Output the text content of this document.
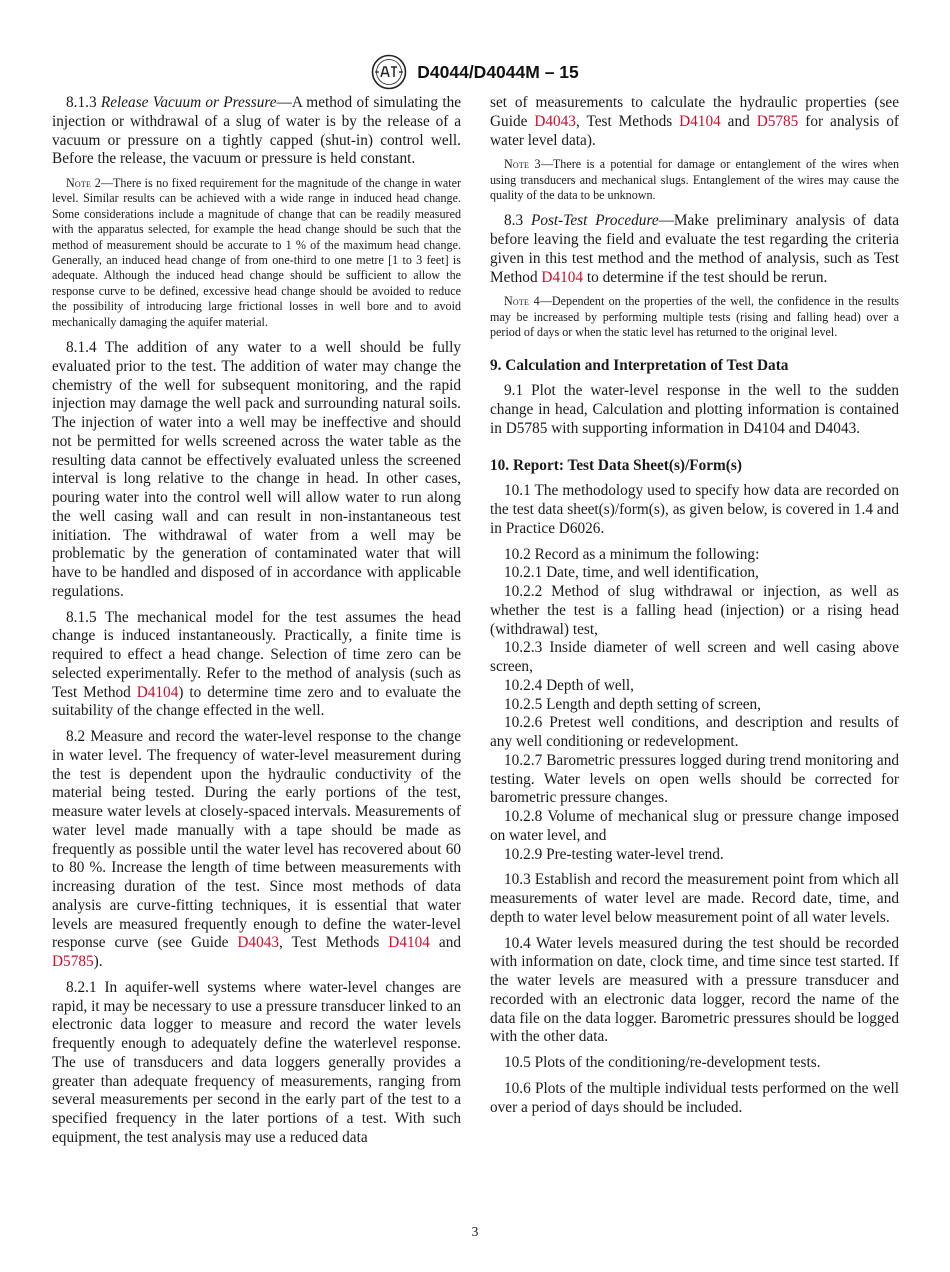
D4044/D4044M – 15

8.1.3 Release Vacuum or Pressure—A method of simulating the injection or withdrawal of a slug of water is by the release of a vacuum or pressure on a tightly capped (shut-in) control well. Before the release, the vacuum or pressure is held constant.

Note 2—There is no fixed requirement for the magnitude of the change in water level. Similar results can be achieved with a wide range in induced head change. Some considerations include a magnitude of change that can be readily measured with the apparatus selected, for example the head change should be such that the method of measurement should be accurate to 1 % of the maximum head change. Generally, an induced head change of from one-third to one metre [1 to 3 feet] is adequate. Although the induced head change should be sufficient to allow the response curve to be defined, excessive head change should be avoided to reduce the possibility of introducing large frictional losses in well bore and to avoid mechanically damaging the aquifer material.

8.1.4 The addition of any water to a well should be fully evaluated prior to the test. The addition of water may change the chemistry of the well for subsequent monitoring, and the rapid injection may damage the well pack and surrounding natural soils. The injection of water into a well may be ineffective and should not be permitted for wells screened across the water table as the resulting data cannot be effectively evaluated unless the screened interval is long relative to the change in head. In other cases, pouring water into the control well will allow water to run along the well casing wall and can result in non-instantaneous test initiation. The withdrawal of water from a well may be problematic by the generation of contaminated water that will have to be handled and disposed of in accordance with applicable regulations.

8.1.5 The mechanical model for the test assumes the head change is induced instantaneously. Practically, a finite time is required to effect a head change. Selection of time zero can be selected experimentally. Refer to the method of analysis (such as Test Method D4104) to determine time zero and to evaluate the suitability of the change effected in the well.

8.2 Measure and record the water-level response to the change in water level. The frequency of water-level measurement during the test is dependent upon the hydraulic conductivity of the material being tested. During the early portions of the test, measure water levels at closely-spaced intervals. Measurements of water level made manually with a tape should be made as frequently as possible until the water level has recovered about 60 to 80 %. Increase the length of time between measurements with increasing duration of the test. Since most methods of data analysis are curve-fitting techniques, it is essential that water levels are measured frequently enough to define the water-level response curve (see Guide D4043, Test Methods D4104 and D5785).

8.2.1 In aquifer-well systems where water-level changes are rapid, it may be necessary to use a pressure transducer linked to an electronic data logger to measure and record the water levels frequently enough to adequately define the waterlevel response. The use of transducers and data loggers generally provides a greater than adequate frequency of measurements, ranging from several measurements per second in the early part of the test to a specified frequency in the later portions of a test. With such equipment, the test analysis may use a reduced data

set of measurements to calculate the hydraulic properties (see Guide D4043, Test Methods D4104 and D5785 for analysis of water level data).

Note 3—There is a potential for damage or entanglement of the wires when using transducers and mechanical slugs. Entanglement of the wires may cause the quality of the data to be unknown.

8.3 Post-Test Procedure—Make preliminary analysis of data before leaving the field and evaluate the test regarding the criteria given in this test method and the method of analysis, such as Test Method D4104 to determine if the test should be rerun.

Note 4—Dependent on the properties of the well, the confidence in the results may be increased by performing multiple tests (rising and falling head) over a period of days or when the static level has returned to the original level.

9. Calculation and Interpretation of Test Data

9.1 Plot the water-level response in the well to the sudden change in head, Calculation and plotting information is contained in D5785 with supporting information in D4104 and D4043.

10. Report: Test Data Sheet(s)/Form(s)

10.1 The methodology used to specify how data are recorded on the test data sheet(s)/form(s), as given below, is covered in 1.4 and in Practice D6026.

10.2 Record as a minimum the following:

10.2.1 Date, time, and well identification,

10.2.2 Method of slug withdrawal or injection, as well as whether the test is a falling head (injection) or a rising head (withdrawal) test,

10.2.3 Inside diameter of well screen and well casing above screen,

10.2.4 Depth of well,

10.2.5 Length and depth setting of screen,

10.2.6 Pretest well conditions, and description and results of any well conditioning or redevelopment.

10.2.7 Barometric pressures logged during trend monitoring and testing. Water levels on open wells should be corrected for barometric pressure changes.

10.2.8 Volume of mechanical slug or pressure change imposed on water level, and

10.2.9 Pre-testing water-level trend.

10.3 Establish and record the measurement point from which all measurements of water level are made. Record date, time, and depth to water level below measurement point of all water levels.

10.4 Water levels measured during the test should be recorded with information on date, clock time, and time since test started. If the water levels are measured with a pressure transducer and recorded with an electronic data logger, record the name of the data file on the data logger. Barometric pressures should be logged with the other data.

10.5 Plots of the conditioning/re-development tests.

10.6 Plots of the multiple individual tests performed on the well over a period of days should be included.

3
